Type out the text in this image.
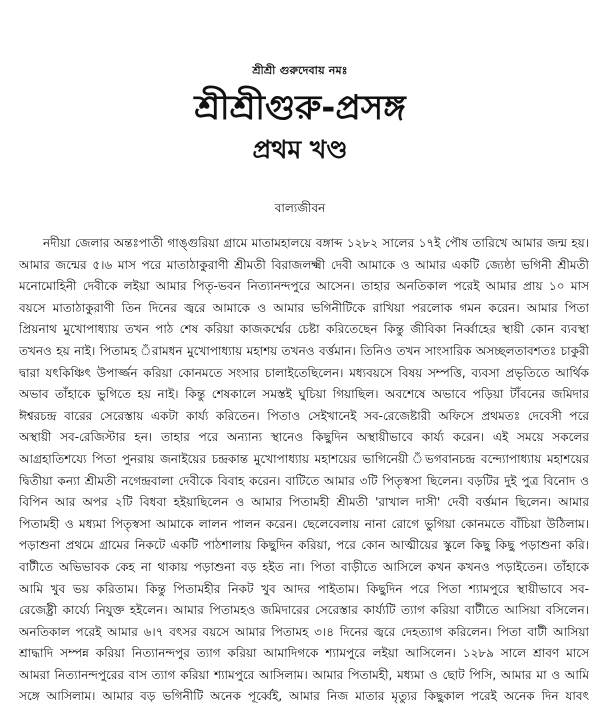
শ্রীশ্রী গুরুদেবায় নমঃ
শ্রীশ্রীগুরু-প্রসঙ্গ
প্রথম খণ্ড
বাল্যজীবন
নদীয়া জেলার অন্তঃপাতী গাঙ্গুরিয়া গ্রামে মাতামহালয়ে বঙ্গাব্দ ১২৮২ সালের ১৭ই পৌষ তারিখে আমার জন্ম হয়।
আমার জন্মের ৫।৬ মাস পরে মাতাঠাকুরাণী শ্রীমতী বিরাজলক্ষ্মী দেবী আমাকে ও আমার একটি জ্যেষ্ঠা ভগিনী শ্রীমতী
মনোমোহিনী দেবীকে লইয়া আমার পিতৃ-ভবন নিত্যানন্দপুরে আসেন। তাহার অনতিকাল পরেই আমার প্রায় ১০ মাস
বয়সে মাতাঠাকুরাণী তিন দিনের জ্বরে আমাকে ও আমার ভগিনীটিকে রাখিয়া পরলোক গমন করেন। আমার পিতা
প্রিয়নাথ মুখোপাধ্যায় তখন পাঠ শেষ করিয়া কাজকর্ম্মের চেষ্টা করিতেছেন কিন্তু জীবিকা নির্ব্বাহের স্থায়ী কোন ব্যবস্থা
তখনও হয় নাই। পিতামহ ঁরামধন মুখোপাধ্যায় মহাশয় তখনও বর্ত্তমান। তিনিও তখন সাংসারিক অসচ্ছলতাবশতঃ চাকুরী
দ্বারা যৎকিঞ্চিৎ উপার্জ্জন করিয়া কোনমতে সংসার চালাইতেছিলেন। মধ্যবয়সে বিষয় সম্পত্তি, ব্যবসা প্রভৃতিতে আর্থিক
অভাব তাঁহাকে ভুগিতে হয় নাই। কিন্তু শেষকালে সমস্তই ঘুচিয়া গিয়াছিল। অবশেষে অভাবে পড়িয়া টাঁবনের জমিদার
ঈশ্বরচন্দ্র বারের সেরেস্তায় একটা কার্য্য করিতেন। পিতাও সেইখানেই সব-রেজেষ্টারী অফিসে প্রথমতঃ দেবেসী পরে
অস্থায়ী সব-রেজিস্টার হন। তাহার পরে অন্যান্য স্থানেও কিছুদিন অস্থায়ীভাবে কার্য্য করেন। এই সময়ে সকলের
আগ্রহাতিশয্যে পিতা পুনরায় জনাইয়ের চন্দ্রকান্ত মুখোপাধ্যায় মহাশয়ের ভাগিনেয়ী ঁভগবানচন্দ্র বন্দ্যোপাধ্যায় মহাশয়ের
দ্বিতীয়া কন্যা শ্রীমতী নগেন্দ্রবালা দেবীকে বিবাহ করেন। বাটিতে আমার ৩টি পিতৃস্বসা ছিলেন। বড়টির দুই পুত্র বিনোদ ও
বিপিন আর অপর ২টি বিধবা হইয়াছিলেন ও আমার পিতামহী শ্রীমতী 'রাখাল দাসী' দেবী বর্ত্তমান ছিলেন। আমার
পিতামহী ও মধ্যমা পিতৃস্বসা আমাকে লালন পালন করেন। ছেলেবেলায় নানা রোগে ভুগিয়া কোনমতে বাঁচিয়া উঠিলাম।
পড়াশুনা প্রথমে গ্রামের নিকটে একটি পাঠশালায় কিছুদিন করিয়া, পরে কোন আত্মীয়ের স্কুলে কিছু কিছু পড়াশুনা করি।
বাটীতে অভিভাবক কেহ না থাকায় পড়াশুনা বড় হইত না। পিতা বাড়ীতে আসিলে কখন কখনও পড়াইতেন। তাঁহাকে
আমি খুব ভয় করিতাম। কিন্তু পিতামহীর নিকট খুব আদর পাইতাম। কিছুদিন পরে পিতা শ্যামপুরে স্থায়ীভাবে সব-
রেজেষ্ট্রী কার্য্যে নিযুক্ত হইলেন। আমার পিতামহও জমিদারের সেরেস্তার কার্য্যটি ত্যাগ করিয়া বাটীতে আসিয়া বসিলেন।
অনতিকাল পরেই আমার ৬।৭ বৎসর বয়সে আমার পিতামহ ৩।৪ দিনের জ্বরে দেহত্যাগ করিলেন। পিতা বাটী আসিয়া
শ্রাদ্ধাদি সম্পন্ন করিয়া নিত্যানন্দপুর ত্যাগ করিয়া আমাদিগকে শ্যামপুরে লইয়া আসিলেন। ১২৮৯ সালে শ্রাবণ মাসে
আমরা নিত্যানন্দপুরের বাস ত্যাগ করিয়া শ্যামপুরে আসিলাম। আমার পিতামহী, মধ্যমা ও ছোট পিসি, আমার মা ও আমি
সঙ্গে আসিলাম। আমার বড় ভগিনীটি অনেক পূর্ব্বেই, আমার নিজ মাতার মৃত্যুর কিছুকাল পরেই অনেক দিন যাবৎ
